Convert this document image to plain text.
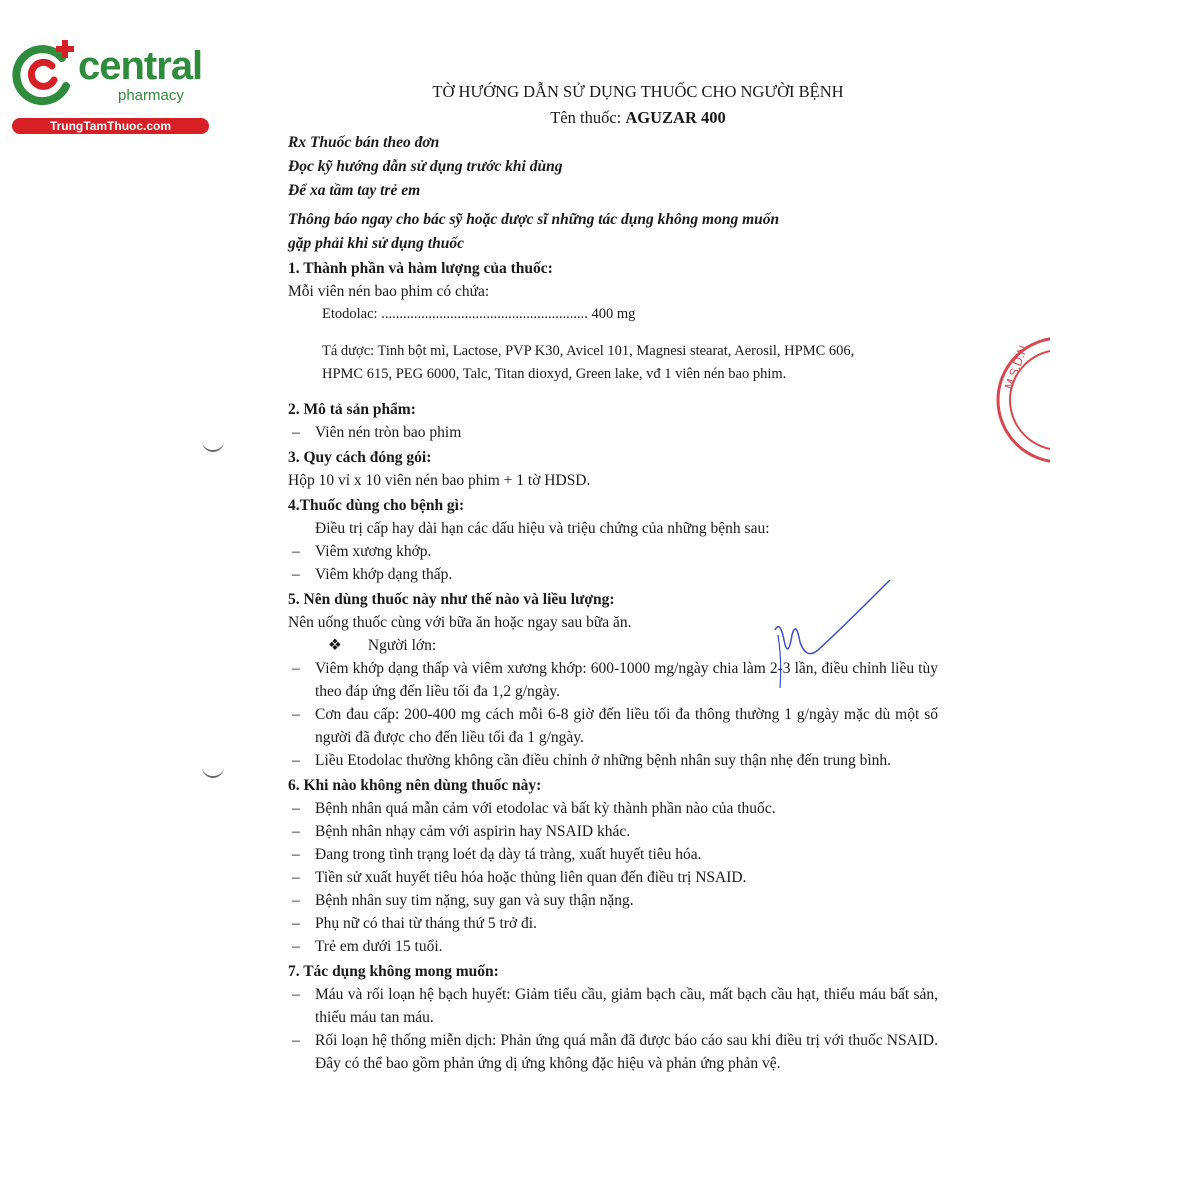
central
pharmacy
TrungTamThuoc.com
M.S.D.N
TỜ HƯỚNG DẪN SỬ DỤNG THUỐC CHO NGƯỜI BỆNH
Tên thuốc: AGUZAR 400
Rx Thuốc bán theo đơn
Đọc kỹ hướng dẫn sử dụng trước khi dùng
Để xa tầm tay trẻ em
Thông báo ngay cho bác sỹ hoặc dược sĩ những tác dụng không mong muốn
gặp phải khi sử dụng thuốc
1. Thành phần và hàm lượng của thuốc:
Mỗi viên nén bao phim có chứa:
Etodolac: ......................................................... 400 mg
Tá dược: Tinh bột mì, Lactose, PVP K30, Avicel 101, Magnesi stearat, Aerosil, HPMC 606,
HPMC 615, PEG 6000, Talc, Titan dioxyd, Green lake, vđ 1 viên nén bao phim.
2. Mô tả sản phẩm:
– Viên nén tròn bao phim
3. Quy cách đóng gói:
Hộp 10 vỉ x 10 viên nén bao phim + 1 tờ HDSD.
4.Thuốc dùng cho bệnh gì:
Điều trị cấp hay dài hạn các dấu hiệu và triệu chứng của những bệnh sau:
– Viêm xương khớp.
– Viêm khớp dạng thấp.
5. Nên dùng thuốc này như thế nào và liều lượng:
Nên uống thuốc cùng với bữa ăn hoặc ngay sau bữa ăn.
❖ Người lớn:
– Viêm khớp dạng thấp và viêm xương khớp: 600-1000 mg/ngày chia làm 2-3 lần, điều chỉnh liều tùy theo đáp ứng đến liều tối đa 1,2 g/ngày.
– Cơn đau cấp: 200-400 mg cách mỗi 6-8 giờ đến liều tối đa thông thường 1 g/ngày mặc dù một số người đã được cho đến liều tối đa 1 g/ngày.
– Liều Etodolac thường không cần điều chỉnh ở những bệnh nhân suy thận nhẹ đến trung bình.
6. Khi nào không nên dùng thuốc này:
– Bệnh nhân quá mẫn cảm với etodolac và bất kỳ thành phần nào của thuốc.
– Bệnh nhân nhạy cảm với aspirin hay NSAID khác.
– Đang trong tình trạng loét dạ dày tá tràng, xuất huyết tiêu hóa.
– Tiền sử xuất huyết tiêu hóa hoặc thủng liên quan đến điều trị NSAID.
– Bệnh nhân suy tim nặng, suy gan và suy thận nặng.
– Phụ nữ có thai từ tháng thứ 5 trở đi.
– Trẻ em dưới 15 tuổi.
7. Tác dụng không mong muốn:
– Máu và rối loạn hệ bạch huyết: Giảm tiểu cầu, giảm bạch cầu, mất bạch cầu hạt, thiếu máu bất sản, thiếu máu tan máu.
– Rối loạn hệ thống miễn dịch: Phản ứng quá mẫn đã được báo cáo sau khi điều trị với thuốc NSAID. Đây có thể bao gồm phản ứng dị ứng không đặc hiệu và phản ứng phản vệ.
